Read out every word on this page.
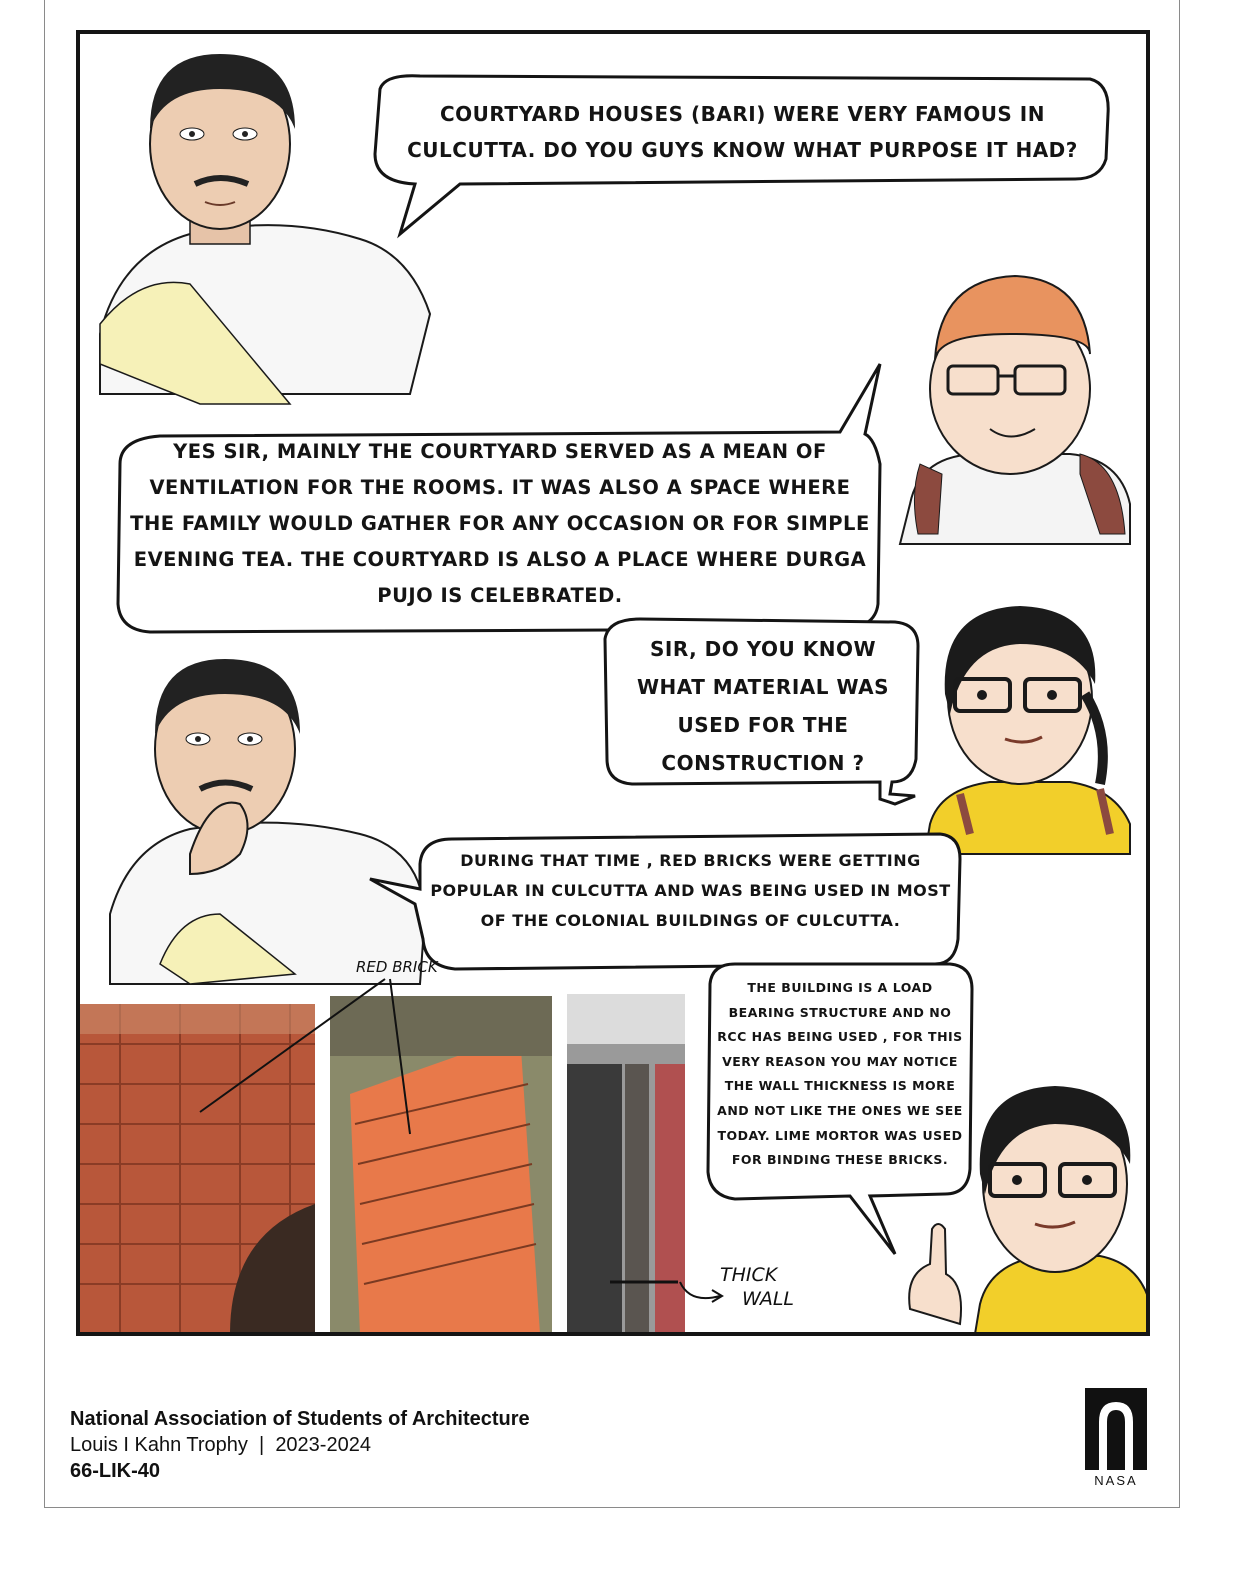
COURTYARD HOUSES (BARI) WERE VERY FAMOUS IN CULCUTTA. DO YOU GUYS KNOW WHAT PURPOSE IT HAD?
YES SIR, MAINLY THE COURTYARD SERVED AS A MEAN OF VENTILATION FOR THE ROOMS. IT WAS ALSO A SPACE WHERE THE FAMILY WOULD GATHER FOR ANY OCCASION OR FOR SIMPLE EVENING TEA. THE COURTYARD IS ALSO A PLACE WHERE DURGA PUJO IS CELEBRATED.
SIR, DO YOU KNOW WHAT MATERIAL WAS USED FOR THE CONSTRUCTION ?
DURING THAT TIME , RED BRICKS WERE GETTING POPULAR IN CULCUTTA AND WAS BEING USED IN MOST OF THE COLONIAL BUILDINGS OF CULCUTTA.
THE BUILDING IS A LOAD BEARING STRUCTURE AND NO RCC HAS BEING USED , FOR THIS VERY REASON YOU MAY NOTICE THE WALL THICKNESS IS MORE AND NOT LIKE THE ONES WE SEE TODAY. LIME MORTOR WAS USED FOR BINDING THESE BRICKS.
RED BRICK
THICK
WALL
National Association of Students of Architecture
Louis I Kahn Trophy  |  2023-2024
66-LIK-40	NASA
